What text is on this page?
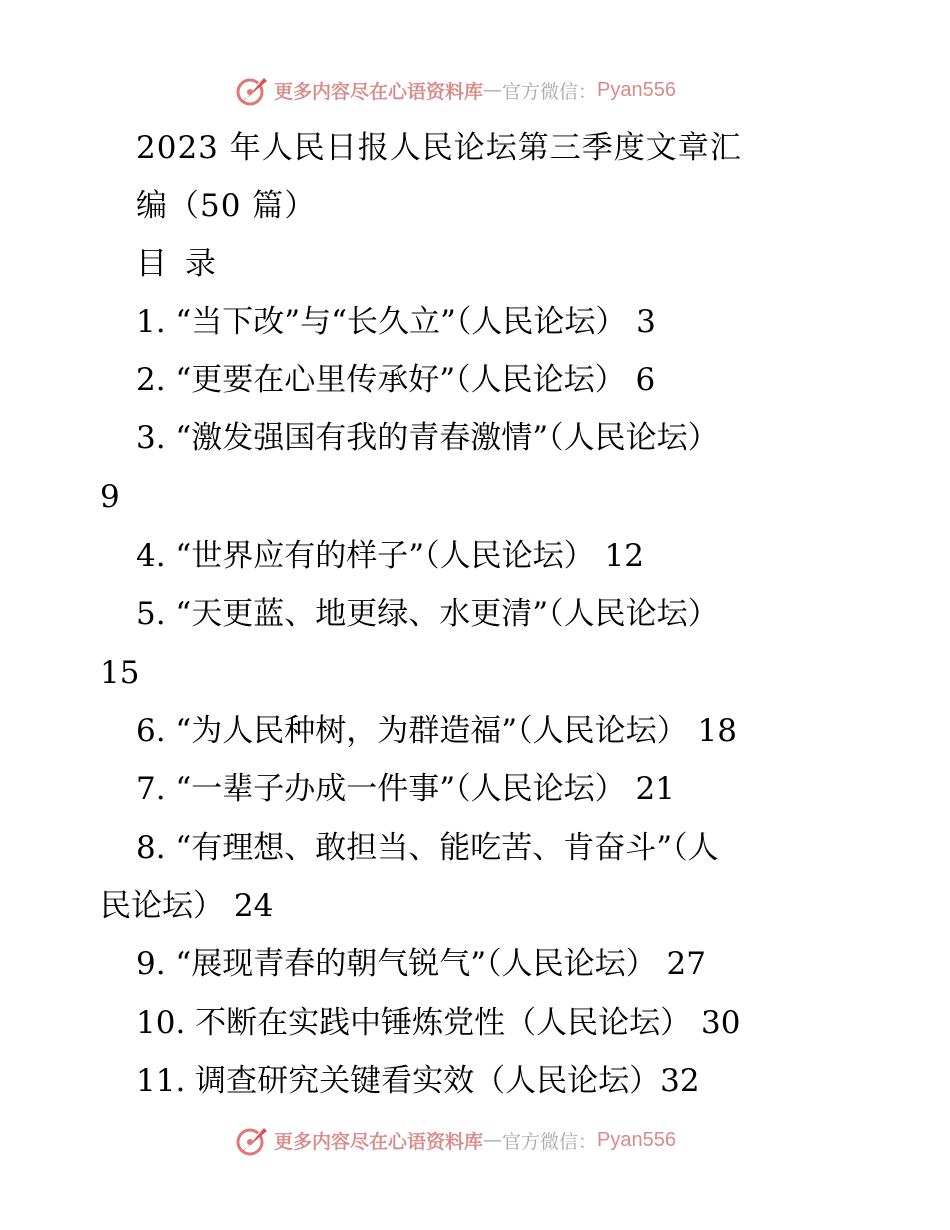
更多内容尽在心语资料库 — 官方微信： Pyan556
2023 年人民日报人民论坛第三季度文章汇
编（50 篇）
目 录
1. “当下改”与“长久立”（人民论坛） 3
2. “更要在心里传承好”（人民论坛） 6
3. “激发强国有我的青春激情”（人民论坛）
9
4. “世界应有的样子”（人民论坛） 12
5. “天更蓝、地更绿、水更清”（人民论坛）
15
6. “为人民种树，为群造福”（人民论坛） 18
7. “一辈子办成一件事”（人民论坛） 21
8. “有理想、敢担当、能吃苦、肯奋斗”（人
民论坛） 24
9. “展现青春的朝气锐气”（人民论坛） 27
10. 不断在实践中锤炼党性（人民论坛） 30
11. 调查研究关键看实效（人民论坛）32
更多内容尽在心语资料库 — 官方微信： Pyan556
